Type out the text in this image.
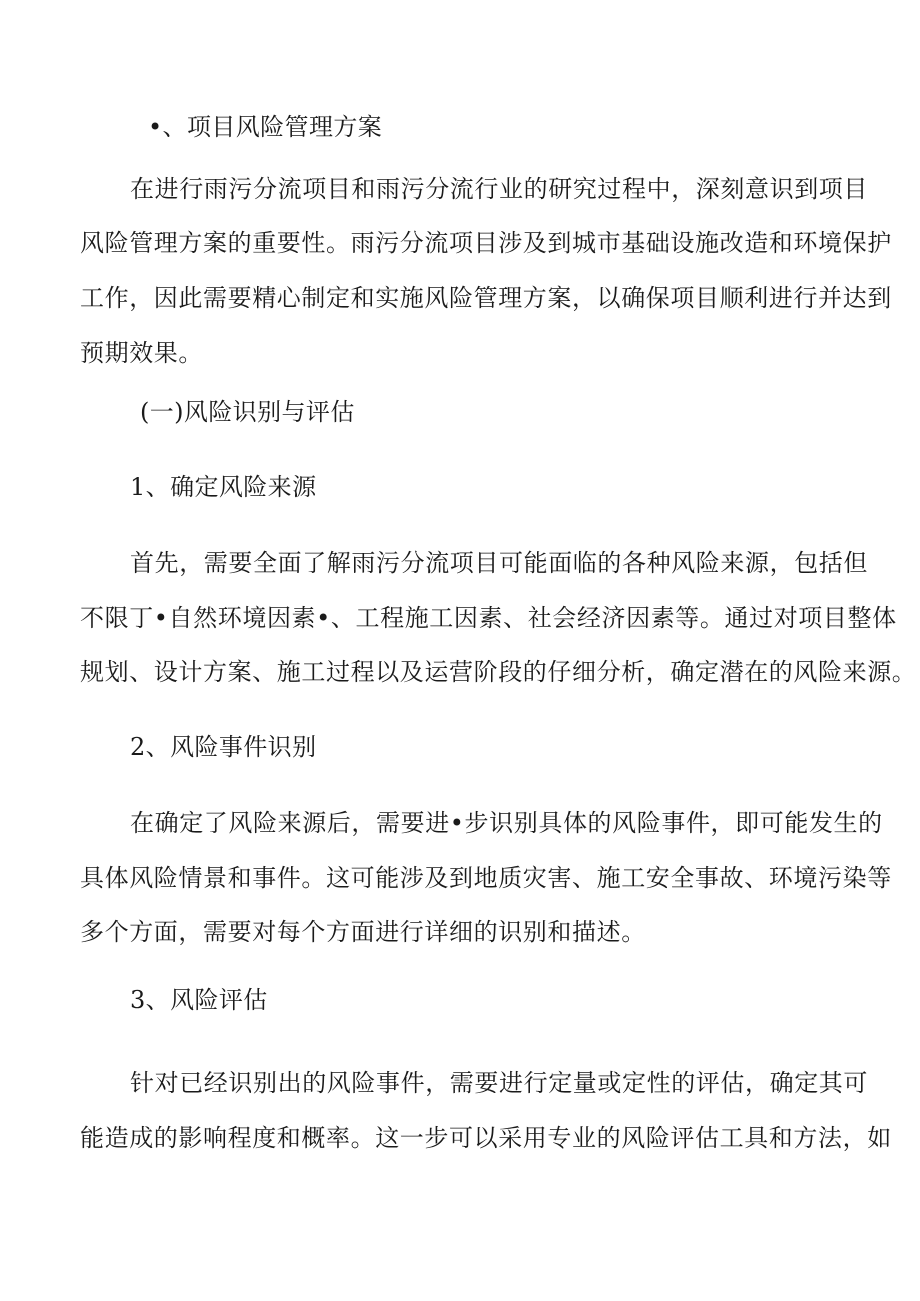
•、项目风险管理方案
在进行雨污分流项目和雨污分流行业的研究过程中，深刻意识到项目
风险管理方案的重要性。雨污分流项目涉及到城市基础设施改造和环境保护
工作，因此需要精心制定和实施风险管理方案，以确保项目顺利进行并达到
预期效果。
(一)风险识别与评估
1、确定风险来源
首先，需要全面了解雨污分流项目可能面临的各种风险来源，包括但
不限丁•自然环境因素•、工程施工因素、社会经济因素等。通过对项目整体
规划、设计方案、施工过程以及运营阶段的仔细分析，确定潜在的风险来源。
2、风险事件识别
在确定了风险来源后，需要进•步识别具体的风险事件，即可能发生的
具体风险情景和事件。这可能涉及到地质灾害、施工安全事故、环境污染等
多个方面，需要对每个方面进行详细的识别和描述。
3、风险评估
针对已经识别出的风险事件，需要进行定量或定性的评估，确定其可
能造成的影响程度和概率。这一步可以采用专业的风险评估工具和方法，如
